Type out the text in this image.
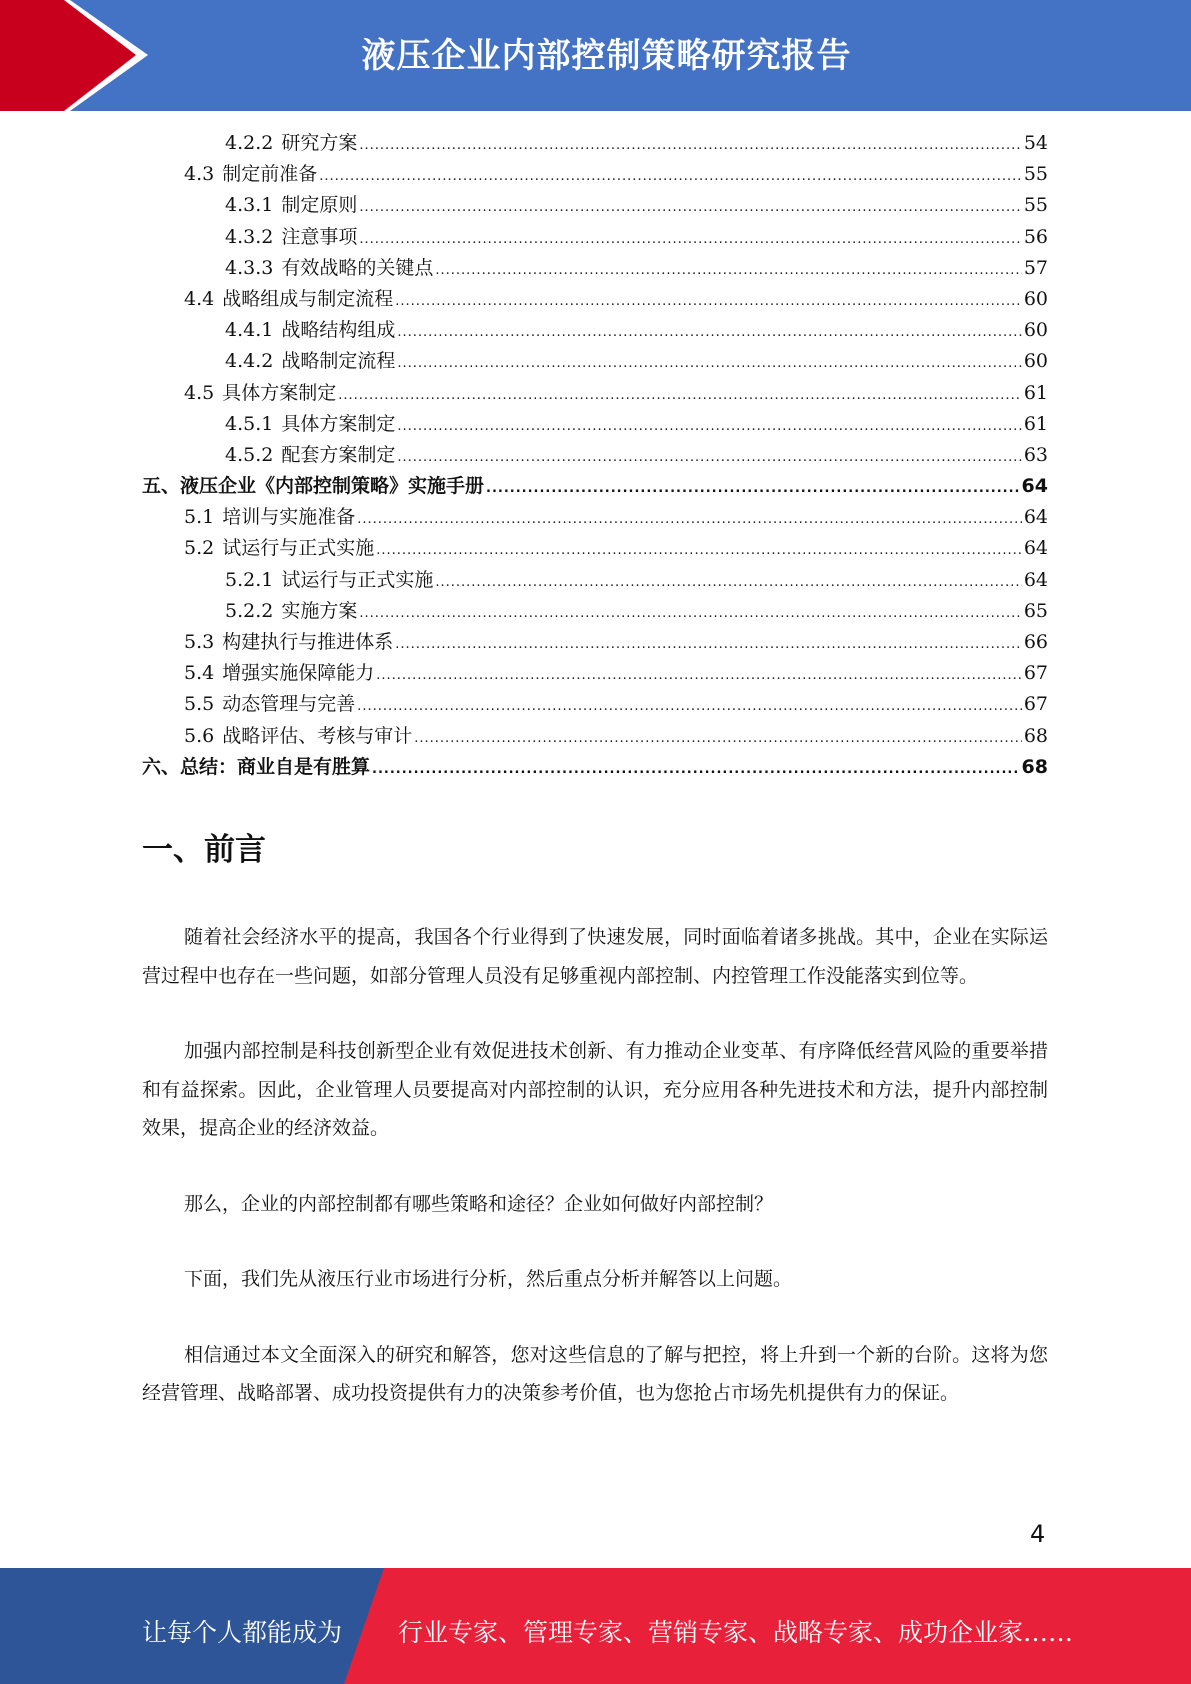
液压企业内部控制策略研究报告
4.2.2 研究方案 .....	54
4.3 制定前准备 .....	55
4.3.1 制定原则 .....	55
4.3.2 注意事项 .....	56
4.3.3 有效战略的关键点 .....	57
4.4 战略组成与制定流程 .....	60
4.4.1 战略结构组成 .....	60
4.4.2 战略制定流程 .....	60
4.5 具体方案制定 .....	61
4.5.1 具体方案制定 .....	61
4.5.2 配套方案制定 .....	63
五、液压企业《内部控制策略》实施手册 .....	64
5.1 培训与实施准备 .....	64
5.2 试运行与正式实施 .....	64
5.2.1 试运行与正式实施 .....	64
5.2.2 实施方案 .....	65
5.3 构建执行与推进体系 .....	66
5.4 增强实施保障能力 .....	67
5.5 动态管理与完善 .....	67
5.6 战略评估、考核与审计 .....	68
六、总结：商业自是有胜算 .....	68
一、前言

随着社会经济水平的提高，我国各个行业得到了快速发展，同时面临着诸多挑战。其中，企业在实际运营过程中也存在一些问题，如部分管理人员没有足够重视内部控制、内控管理工作没能落实到位等。

加强内部控制是科技创新型企业有效促进技术创新、有力推动企业变革、有序降低经营风险的重要举措和有益探索。因此，企业管理人员要提高对内部控制的认识，充分应用各种先进技术和方法，提升内部控制效果，提高企业的经济效益。

那么，企业的内部控制都有哪些策略和途径？企业如何做好内部控制？

下面，我们先从液压行业市场进行分析，然后重点分析并解答以上问题。

相信通过本文全面深入的研究和解答，您对这些信息的了解与把控，将上升到一个新的台阶。这将为您经营管理、战略部署、成功投资提供有力的决策参考价值，也为您抢占市场先机提供有力的保证。

4
让每个人都能成为 行业专家、管理专家、营销专家、战略专家、成功企业家……
